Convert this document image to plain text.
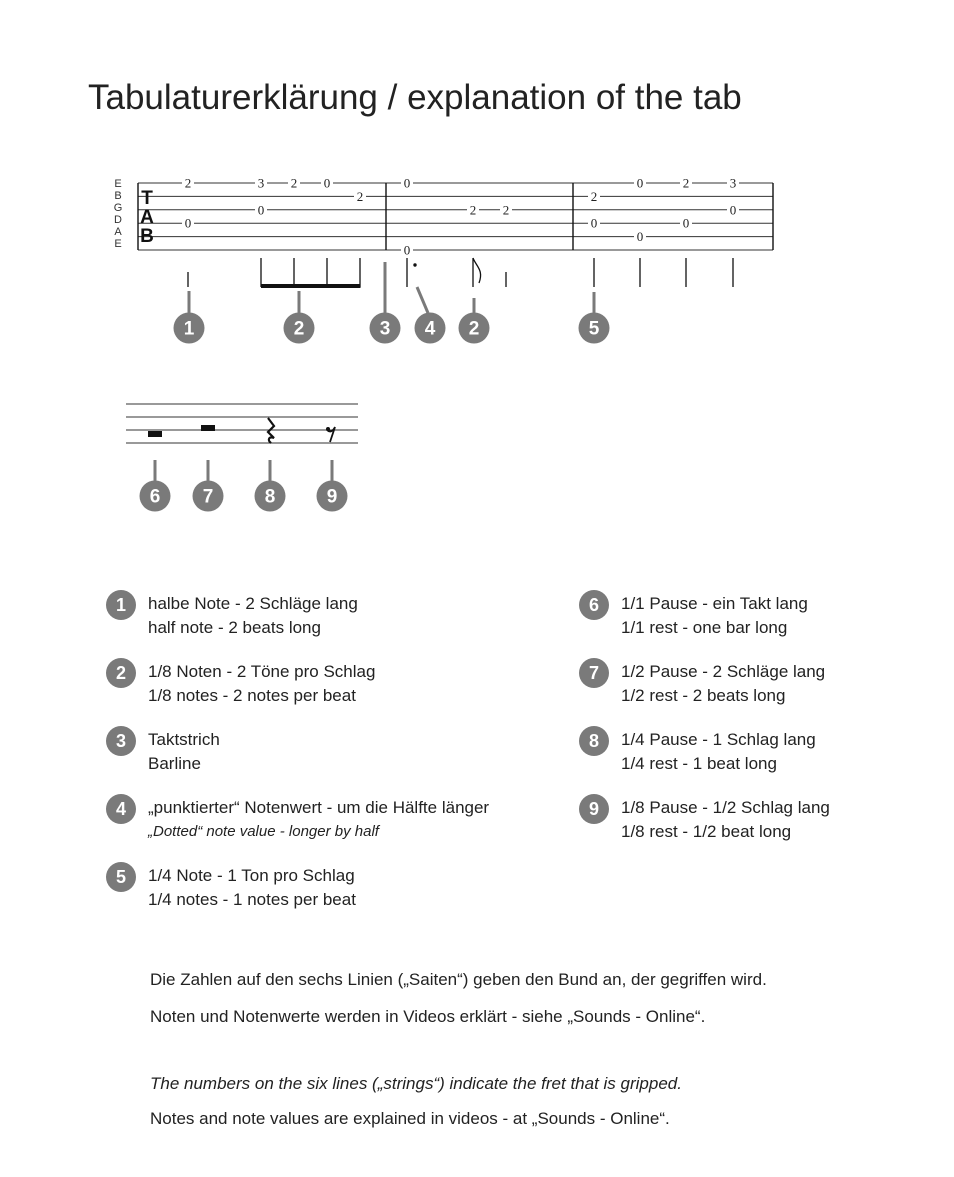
Tabulaturerklärung / explanation of the tab
E
B
G
D
A
E
T
A
B
2
0
3 2 0
0
2
0
0
2 2
2
0
0
0
2
0
3
0
1	2	3 4 2	5
6 7	8	9
1	halbe Note - 2 Schläge lang
half note - 2 beats long
2	1/8 Noten - 2 Töne pro Schlag
1/8 notes - 2 notes per beat
3	Taktstrich
Barline
4	„punktierter“ Notenwert - um die Hälfte länger
„Dotted“ note value - longer by half
5	1/4 Note - 1 Ton pro Schlag
1/4 notes - 1 notes per beat
6	1/1 Pause - ein Takt lang
1/1 rest - one bar long
7	1/2 Pause - 2 Schläge lang
1/2 rest - 2 beats long
8	1/4 Pause - 1 Schlag lang
1/4 rest - 1 beat long
9	1/8 Pause - 1/2 Schlag lang
1/8 rest - 1/2 beat long
Die Zahlen auf den sechs Linien („Saiten“) geben den Bund an, der gegriffen wird.
Noten und Notenwerte werden in Videos erklärt - siehe „Sounds - Online“.
The numbers on the six lines („strings“) indicate the fret that is gripped.
Notes and note values are explained in videos - at „Sounds - Online“.
